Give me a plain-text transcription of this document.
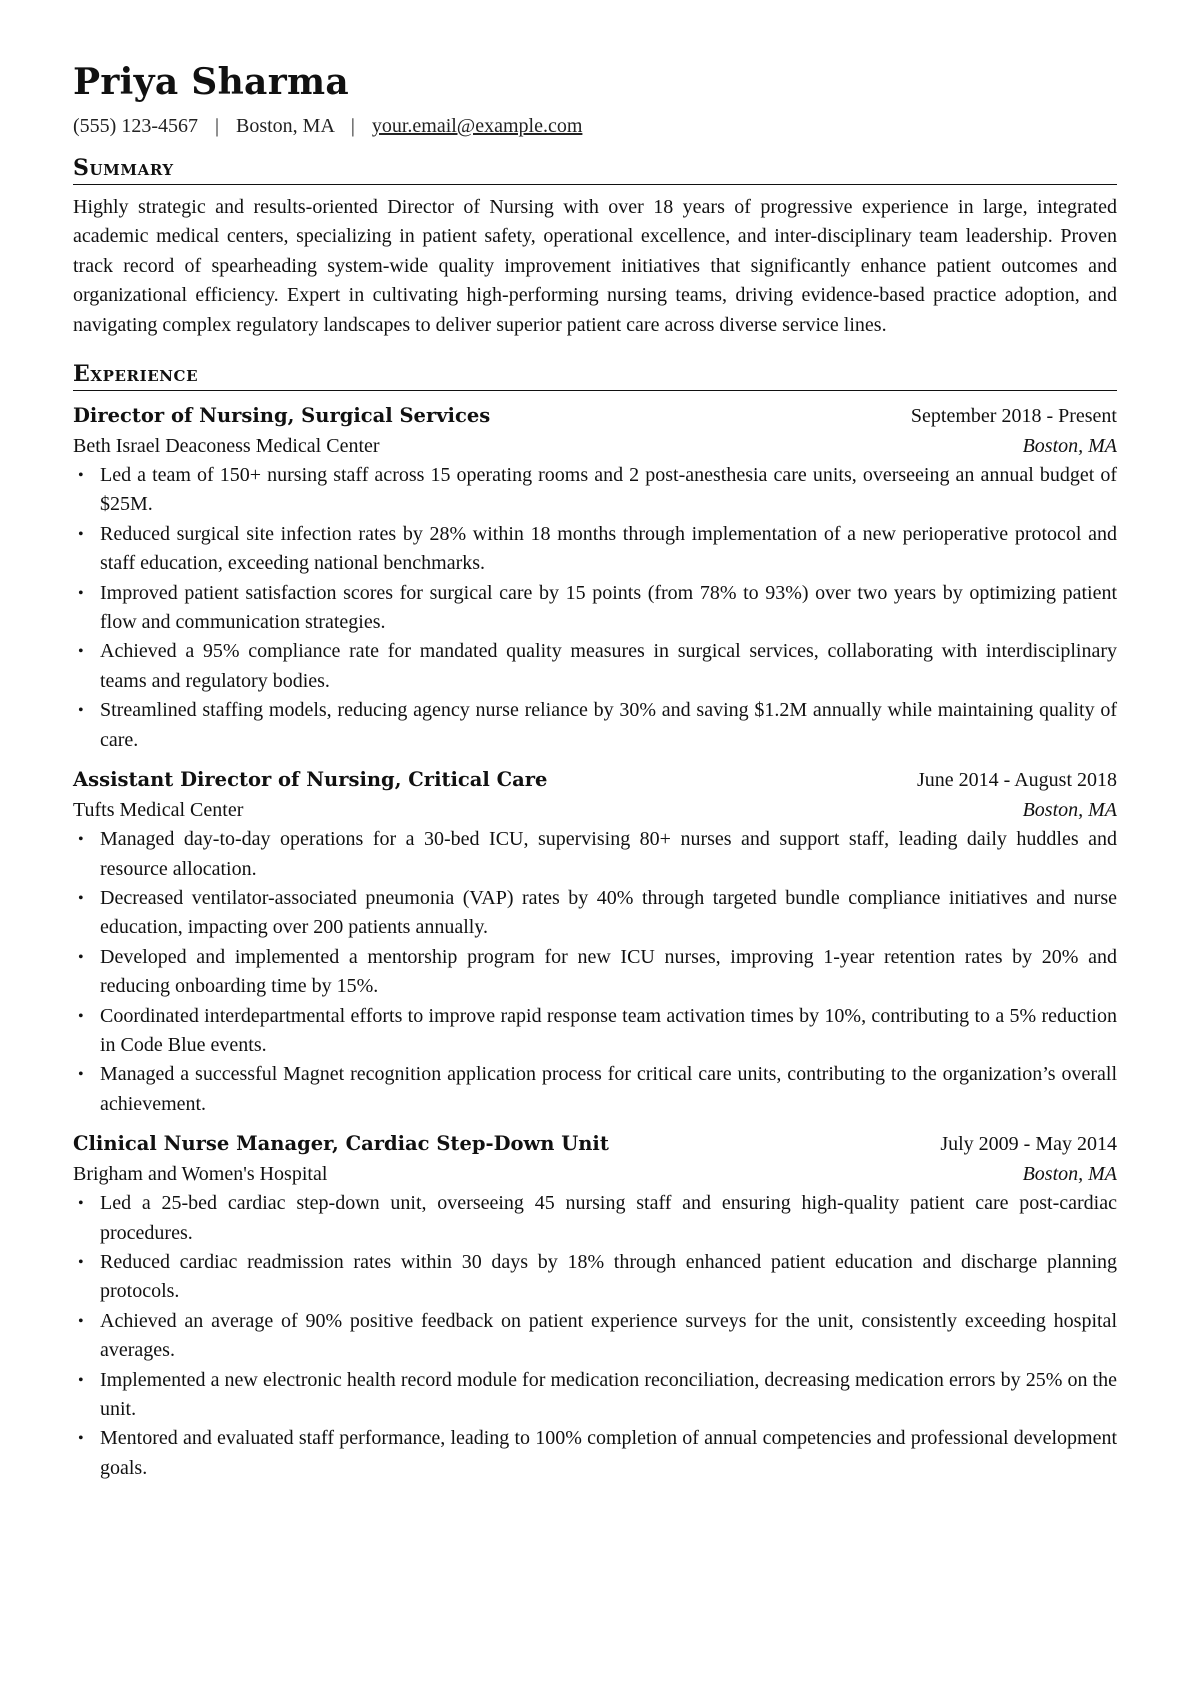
Priya Sharma
(555) 123-4567 | Boston, MA | your.email@example.com
Summary

Highly strategic and results-oriented Director of Nursing with over 18 years of progressive experience in large, integrated academic medical centers, specializing in patient safety, operational excellence, and inter-disciplinary team leadership. Proven track record of spearheading system-wide quality improvement initiatives that significantly enhance patient outcomes and organizational efficiency. Expert in cultivating high-performing nursing teams, driving evidence-based practice adoption, and navigating complex regulatory landscapes to deliver superior patient care across diverse service lines.

Experience
Director of Nursing, Surgical Services	September 2018 - Present
Beth Israel Deaconess Medical Center	Boston, MA
• Led a team of 150+ nursing staff across 15 operating rooms and 2 post-anesthesia care units, overseeing an annual budget of $25M.
• Reduced surgical site infection rates by 28% within 18 months through implementation of a new perioperative protocol and staff education, exceeding national benchmarks.
• Improved patient satisfaction scores for surgical care by 15 points (from 78% to 93%) over two years by optimizing patient flow and communication strategies.
• Achieved a 95% compliance rate for mandated quality measures in surgical services, collaborating with interdisciplinary teams and regulatory bodies.
• Streamlined staffing models, reducing agency nurse reliance by 30% and saving $1.2M annually while maintaining quality of care.
Assistant Director of Nursing, Critical Care	June 2014 - August 2018
Tufts Medical Center	Boston, MA
• Managed day-to-day operations for a 30-bed ICU, supervising 80+ nurses and support staff, leading daily huddles and resource allocation.
• Decreased ventilator-associated pneumonia (VAP) rates by 40% through targeted bundle compliance initiatives and nurse education, impacting over 200 patients annually.
• Developed and implemented a mentorship program for new ICU nurses, improving 1-year retention rates by 20% and reducing onboarding time by 15%.
• Coordinated interdepartmental efforts to improve rapid response team activation times by 10%, contributing to a 5% reduction in Code Blue events.
• Managed a successful Magnet recognition application process for critical care units, contributing to the organization’s overall achievement.
Clinical Nurse Manager, Cardiac Step-Down Unit	July 2009 - May 2014
Brigham and Women's Hospital	Boston, MA
• Led a 25-bed cardiac step-down unit, overseeing 45 nursing staff and ensuring high-quality patient care post-cardiac procedures.
• Reduced cardiac readmission rates within 30 days by 18% through enhanced patient education and discharge planning protocols.
• Achieved an average of 90% positive feedback on patient experience surveys for the unit, consistently exceeding hospital averages.
• Implemented a new electronic health record module for medication reconciliation, decreasing medication errors by 25% on the unit.
• Mentored and evaluated staff performance, leading to 100% completion of annual competencies and professional development goals.
